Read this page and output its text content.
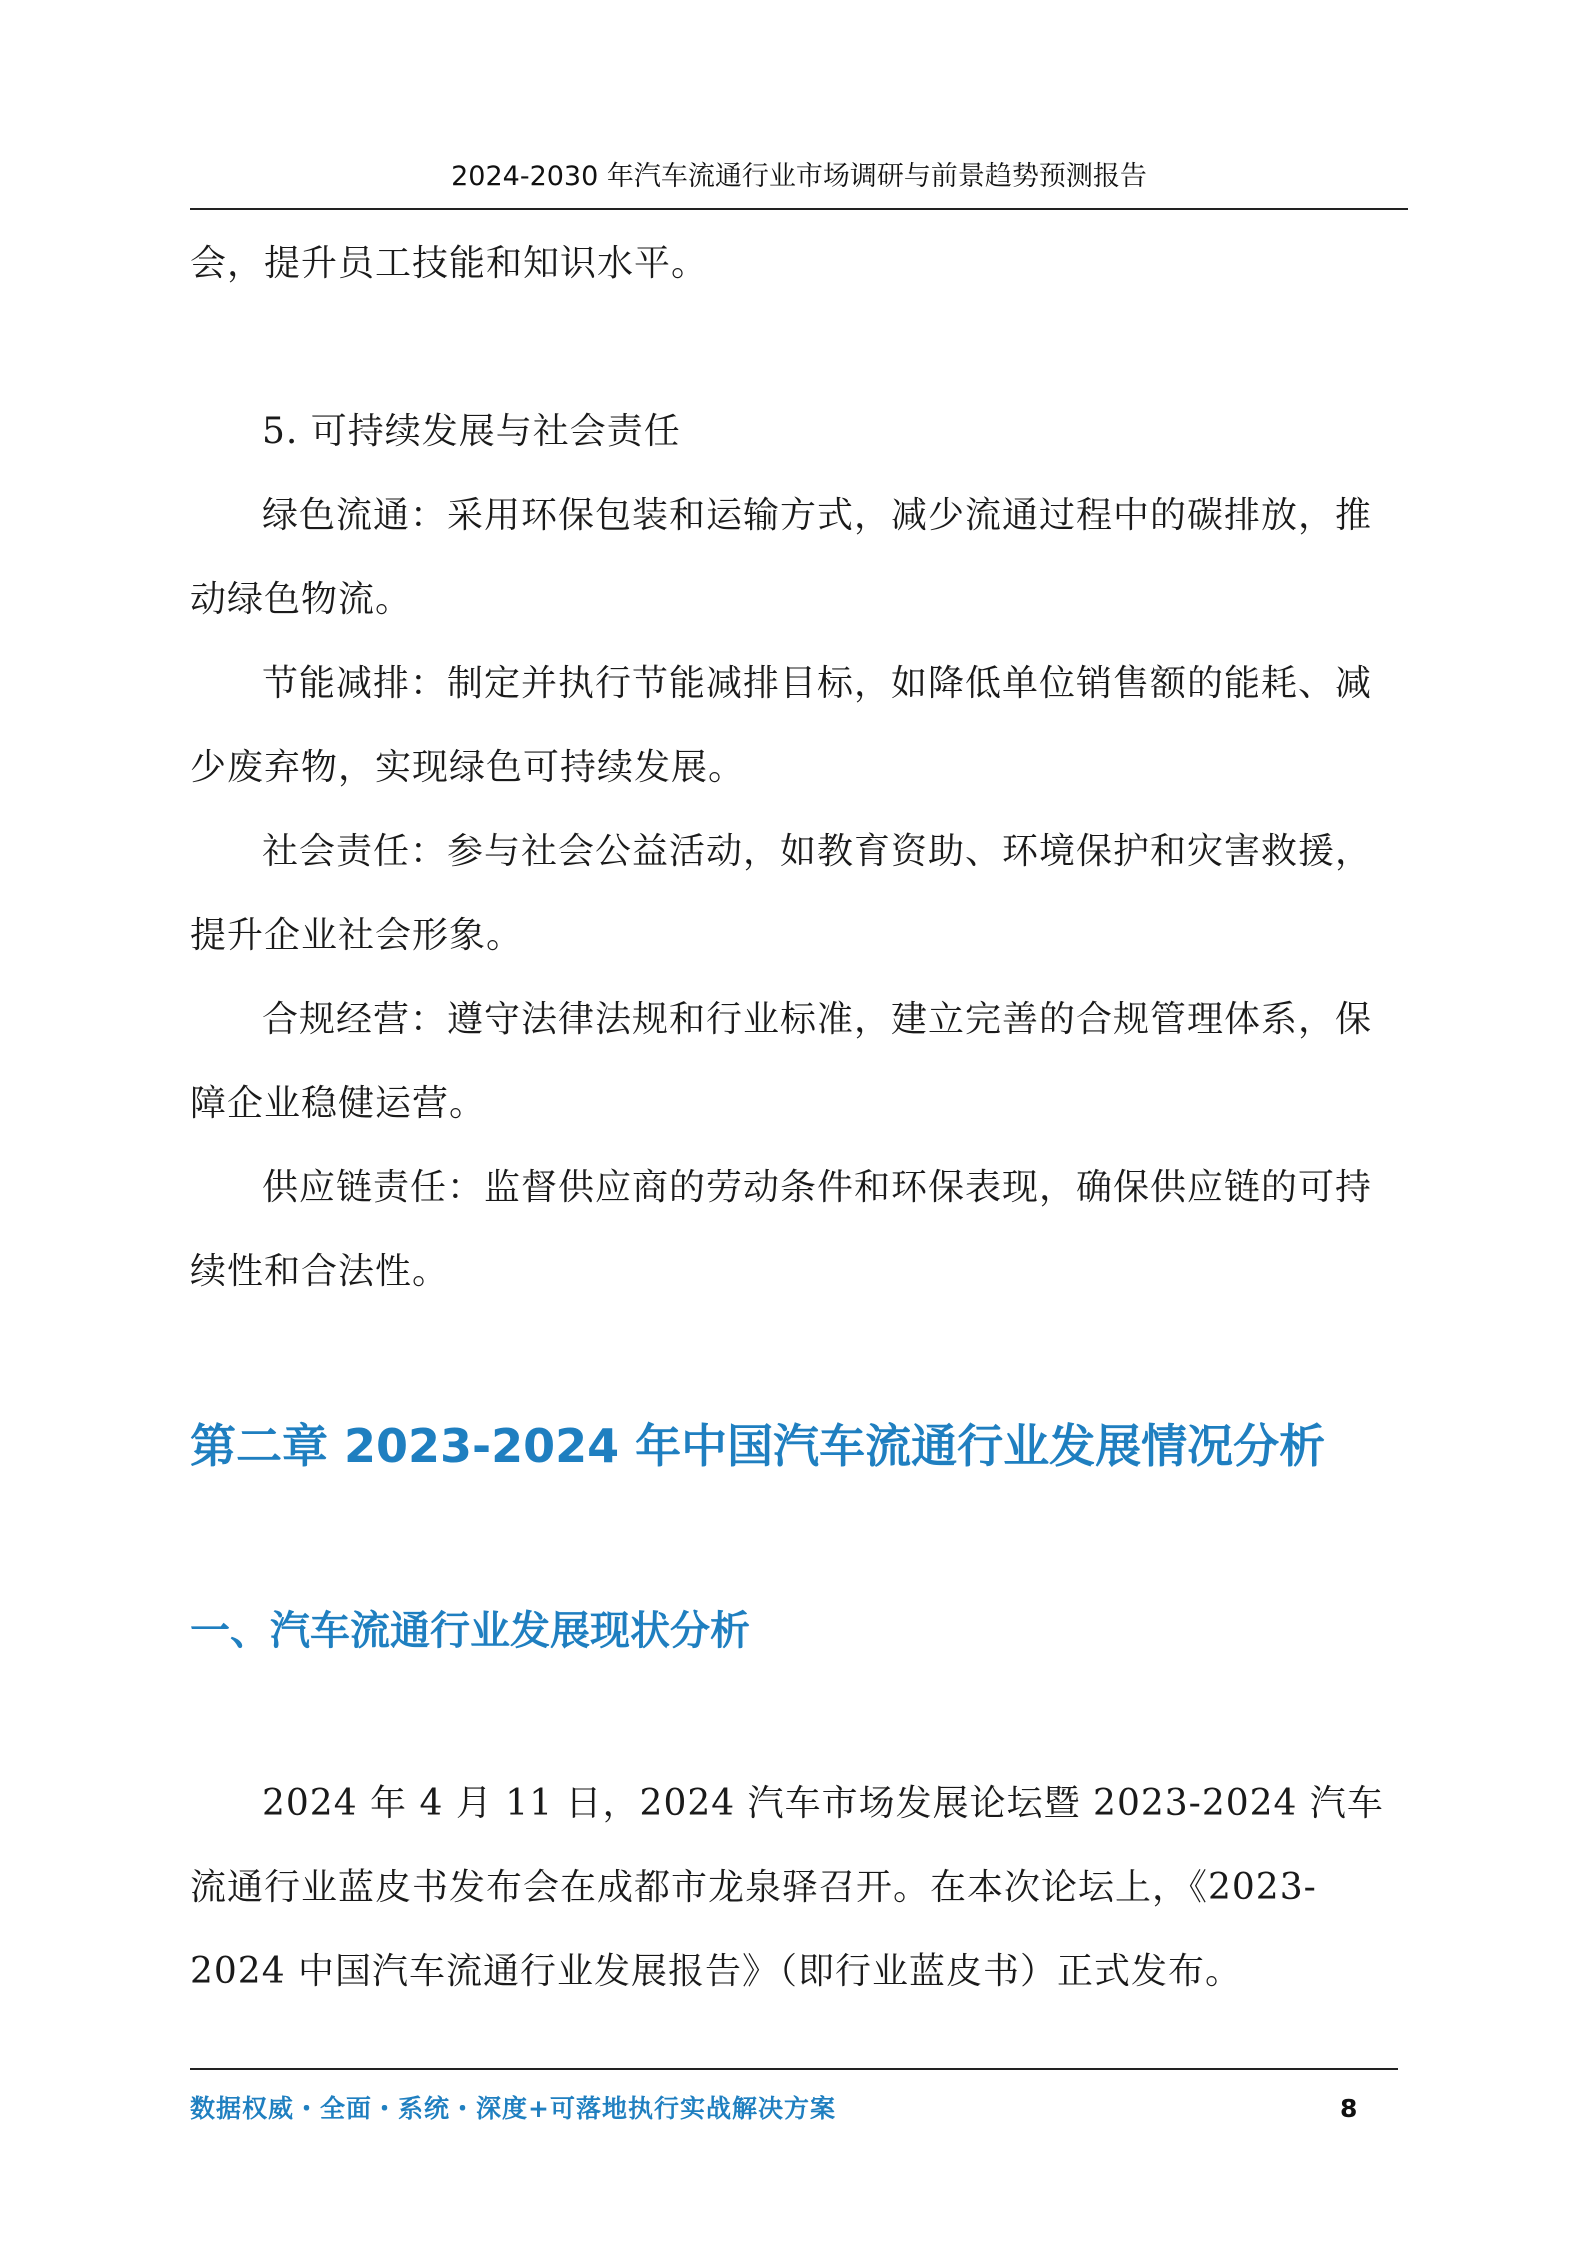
2024-2030 年汽车流通行业市场调研与前景趋势预测报告

会，提升员工技能和知识水平。

5. 可持续发展与社会责任

绿色流通：采用环保包装和运输方式，减少流通过程中的碳排放，推动绿色物流。

节能减排：制定并执行节能减排目标，如降低单位销售额的能耗、减少废弃物，实现绿色可持续发展。

社会责任：参与社会公益活动，如教育资助、环境保护和灾害救援，提升企业社会形象。

合规经营：遵守法律法规和行业标准，建立完善的合规管理体系，保障企业稳健运营。

供应链责任：监督供应商的劳动条件和环保表现，确保供应链的可持续性和合法性。

第二章 2023-2024 年中国汽车流通行业发展情况分析
一、汽车流通行业发展现状分析

2024 年 4 月 11 日，2024 汽车市场发展论坛暨 2023-2024 汽车流通行业蓝皮书发布会在成都市龙泉驿召开。在本次论坛上，《2023-2024 中国汽车流通行业发展报告》（即行业蓝皮书）正式发布。

数据权威・全面・系统・深度+可落地执行实战解决方案	8
